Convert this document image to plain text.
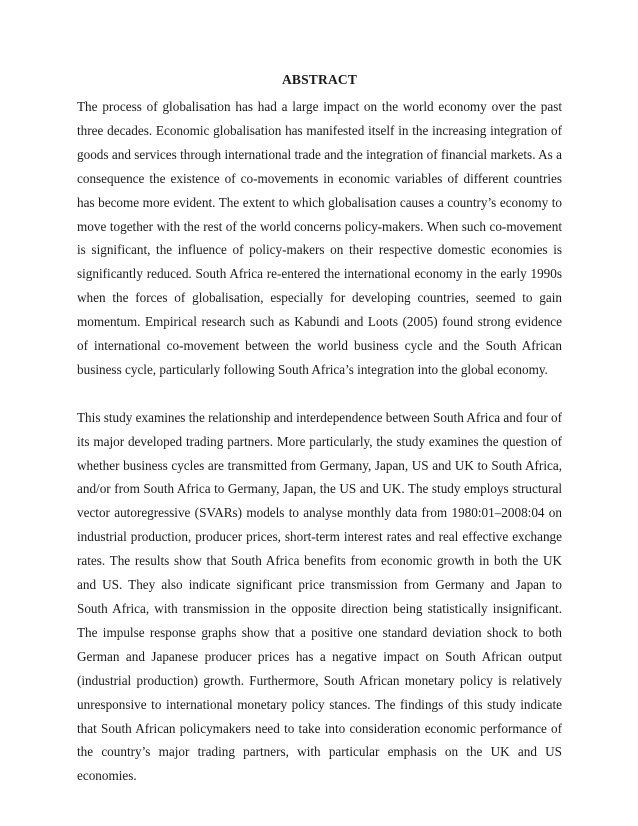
ABSTRACT

The process of globalisation has had a large impact on the world economy over the past three decades. Economic globalisation has manifested itself in the increasing integration of goods and services through international trade and the integration of financial markets. As a consequence the existence of co-movements in economic variables of different countries has become more evident. The extent to which globalisation causes a country’s economy to move together with the rest of the world concerns policy-makers. When such co-movement is significant, the influence of policy-makers on their respective domestic economies is significantly reduced. South Africa re-entered the international economy in the early 1990s when the forces of globalisation, especially for developing countries, seemed to gain momentum. Empirical research such as Kabundi and Loots (2005) found strong evidence of international co-movement between the world business cycle and the South African business cycle, particularly following South Africa’s integration into the global economy.

This study examines the relationship and interdependence between South Africa and four of its major developed trading partners. More particularly, the study examines the question of whether business cycles are transmitted from Germany, Japan, US and UK to South Africa, and/or from South Africa to Germany, Japan, the US and UK. The study employs structural vector autoregressive (SVARs) models to analyse monthly data from 1980:01–2008:04 on industrial production, producer prices, short-term interest rates and real effective exchange rates. The results show that South Africa benefits from economic growth in both the UK and US. They also indicate significant price transmission from Germany and Japan to South Africa, with transmission in the opposite direction being statistically insignificant. The impulse response graphs show that a positive one standard deviation shock to both German and Japanese producer prices has a negative impact on South African output (industrial production) growth. Furthermore, South African monetary policy is relatively unresponsive to international monetary policy stances. The findings of this study indicate that South African policymakers need to take into consideration economic performance of the country’s major trading partners, with particular emphasis on the UK and US economies.
